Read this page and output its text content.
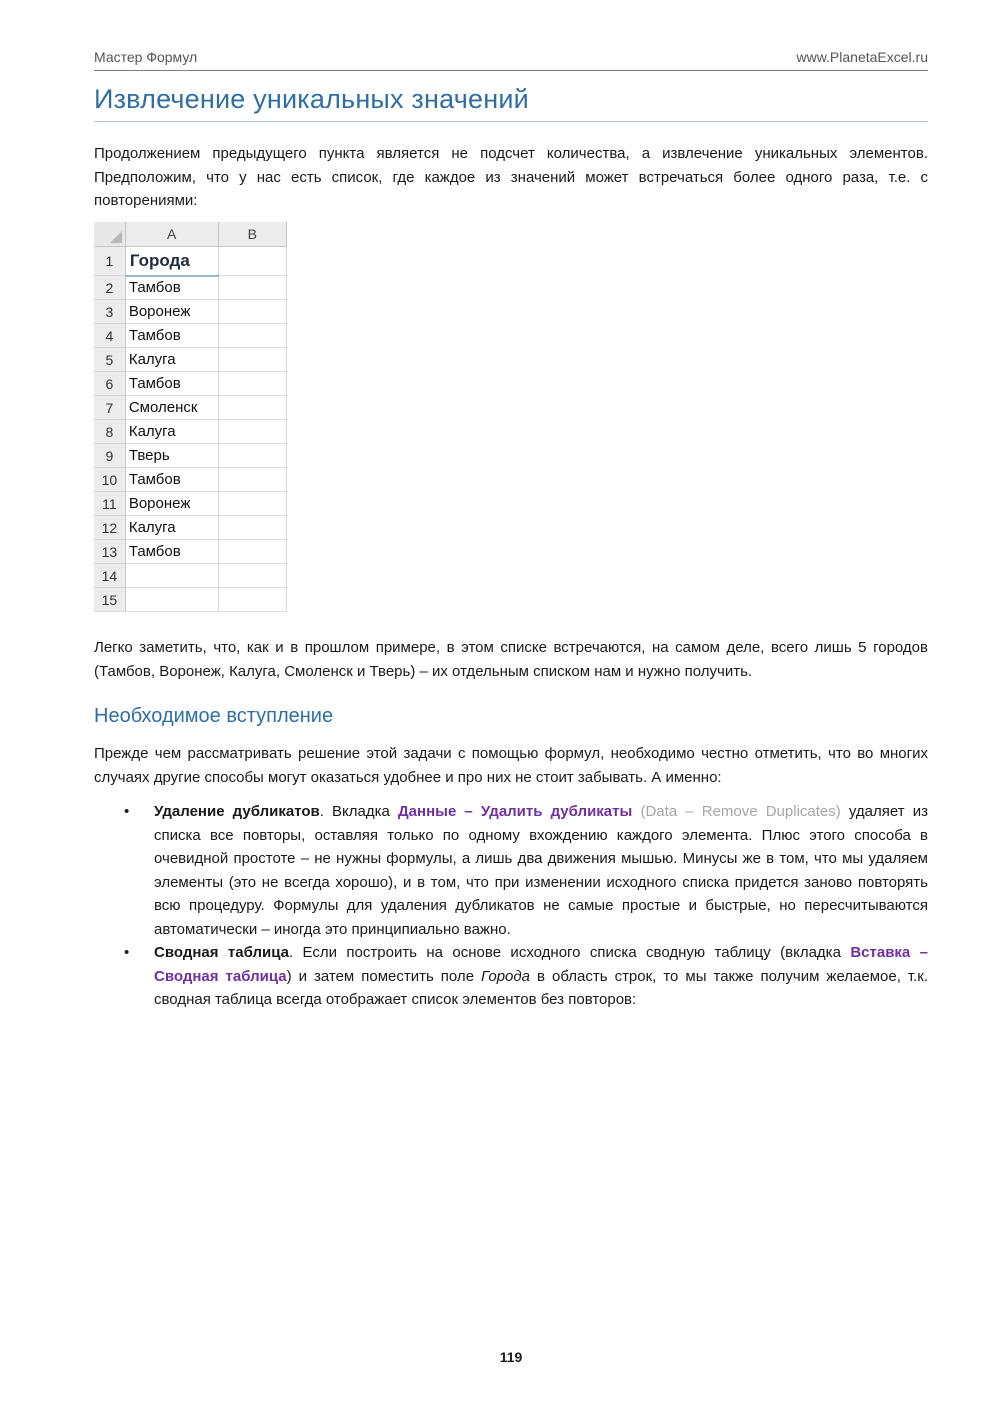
Мастер Формул	www.PlanetaExcel.ru
Извлечение уникальных значений

Продолжением предыдущего пункта является не подсчет количества, а извлечение уникальных элементов. Предположим, что у нас есть список, где каждое из значений может встречаться более одного раза, т.е. с повторениями:

	A	B
1	Города	
2	Тамбов	
3	Воронеж	
4	Тамбов	
5	Калуга	
6	Тамбов	
7	Смоленск	
8	Калуга	
9	Тверь	
10	Тамбов	
11	Воронеж	
12	Калуга	
13	Тамбов	
14		
15		

Легко заметить, что, как и в прошлом примере, в этом списке встречаются, на самом деле, всего лишь 5 городов (Тамбов, Воронеж, Калуга, Смоленск и Тверь) – их отдельным списком нам и нужно получить.

Необходимое вступление

Прежде чем рассматривать решение этой задачи с помощью формул, необходимо честно отметить, что во многих случаях другие способы могут оказаться удобнее и про них не стоит забывать. А именно:

• Удаление дубликатов. Вкладка Данные – Удалить дубликаты (Data – Remove Duplicates) удаляет из списка все повторы, оставляя только по одному вхождению каждого элемента. Плюс этого способа в очевидной простоте – не нужны формулы, а лишь два движения мышью. Минусы же в том, что мы удаляем элементы (это не всегда хорошо), и в том, что при изменении исходного списка придется заново повторять всю процедуру. Формулы для удаления дубликатов не самые простые и быстрые, но пересчитываются автоматически – иногда это принципиально важно.
• Сводная таблица. Если построить на основе исходного списка сводную таблицу (вкладка Вставка – Сводная таблица) и затем поместить поле Города в область строк, то мы также получим желаемое, т.к. сводная таблица всегда отображает список элементов без повторов:
119
